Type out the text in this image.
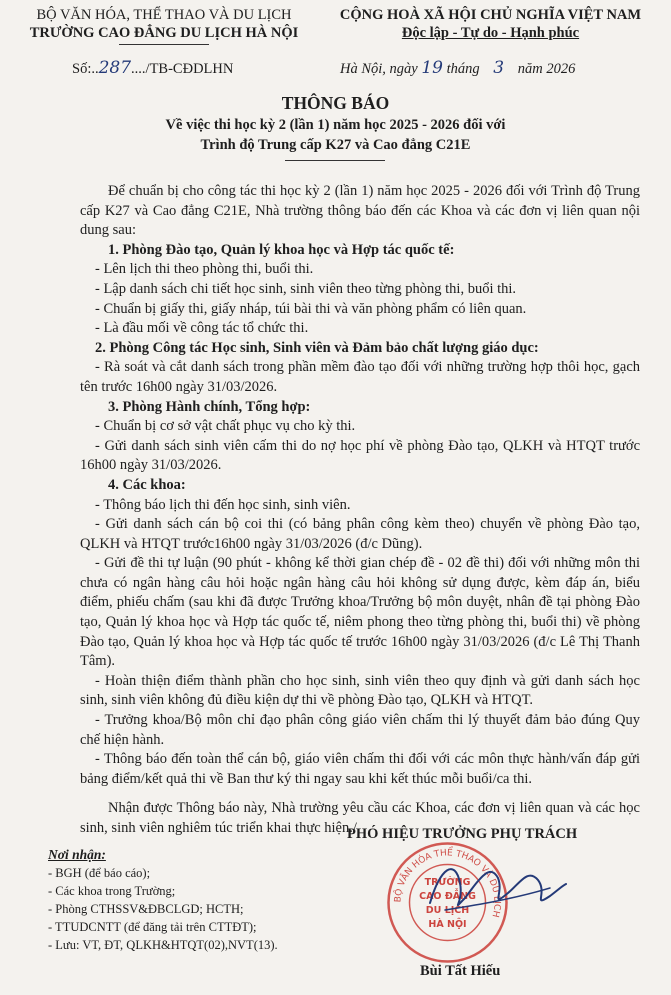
BỘ VĂN HÓA, THỂ THAO VÀ DU LỊCH
TRƯỜNG CAO ĐẲNG DU LỊCH HÀ NỘI
CỘNG HOÀ XÃ HỘI CHỦ NGHĨA VIỆT NAM
Độc lập - Tự do - Hạnh phúc
Số:..287..../TB-CĐDLHN	Hà Nội, ngày 19 tháng 3 năm 2026
THÔNG BÁO
Về việc thi học kỳ 2 (lần 1) năm học 2025 - 2026 đối với
Trình độ Trung cấp K27 và Cao đẳng C21E

Để chuẩn bị cho công tác thi học kỳ 2 (lần 1) năm học 2025 - 2026 đối với Trình độ Trung cấp K27 và Cao đẳng C21E, Nhà trường thông báo đến các Khoa và các đơn vị liên quan nội dung sau:

1. Phòng Đào tạo, Quản lý khoa học và Hợp tác quốc tế:

- Lên lịch thi theo phòng thi, buổi thi.

- Lập danh sách chi tiết học sinh, sinh viên theo từng phòng thi, buổi thi.

- Chuẩn bị giấy thi, giấy nháp, túi bài thi và văn phòng phẩm có liên quan.

- Là đầu mối về công tác tổ chức thi.

2. Phòng Công tác Học sinh, Sinh viên và Đảm bảo chất lượng giáo dục:

- Rà soát và cắt danh sách trong phần mềm đào tạo đối với những trường hợp thôi học, gạch tên trước 16h00 ngày 31/03/2026.

3. Phòng Hành chính, Tổng hợp:

- Chuẩn bị cơ sở vật chất phục vụ cho kỳ thi.

- Gửi danh sách sinh viên cấm thi do nợ học phí về phòng Đào tạo, QLKH và HTQT trước 16h00 ngày 31/03/2026.

4. Các khoa:

- Thông báo lịch thi đến học sinh, sinh viên.

- Gửi danh sách cán bộ coi thi (có bảng phân công kèm theo) chuyển về phòng Đào tạo, QLKH và HTQT trước16h00 ngày 31/03/2026 (đ/c Dũng).

- Gửi đề thi tự luận (90 phút - không kể thời gian chép đề - 02 đề thi) đối với những môn thi chưa có ngân hàng câu hỏi hoặc ngân hàng câu hỏi không sử dụng được, kèm đáp án, biểu điểm, phiếu chấm (sau khi đã được Trưởng khoa/Trưởng bộ môn duyệt, nhân đề tại phòng Đào tạo, Quản lý khoa học và Hợp tác quốc tế, niêm phong theo từng phòng thi, buổi thi) về phòng Đào tạo, Quản lý khoa học và Hợp tác quốc tế trước 16h00 ngày 31/03/2026 (đ/c Lê Thị Thanh Tâm).

- Hoàn thiện điểm thành phần cho học sinh, sinh viên theo quy định và gửi danh sách học sinh, sinh viên không đủ điều kiện dự thi về phòng Đào tạo, QLKH và HTQT.

- Trưởng khoa/Bộ môn chỉ đạo phân công giáo viên chấm thi lý thuyết đảm bảo đúng Quy chế hiện hành.

- Thông báo đến toàn thể cán bộ, giáo viên chấm thi đối với các môn thực hành/vấn đáp gửi bảng điểm/kết quả thi về Ban thư ký thi ngay sau khi kết thúc mỗi buổi/ca thi.

Nhận được Thông báo này, Nhà trường yêu cầu các Khoa, các đơn vị liên quan và các học sinh, sinh viên nghiêm túc triển khai thực hiện./.

PHÓ HIỆU TRƯỞNG PHỤ TRÁCH
BỘ VĂN HÓA THỂ THAO VÀ DU LỊCH
TRƯỜNG
CAO ĐẲNG
DU LỊCH
HÀ NỘI
Bùi Tất Hiếu
Nơi nhận:
- BGH (để báo cáo);
- Các khoa trong Trường;
- Phòng CTHSSV&ĐBCLGD; HCTH;
- TTUDCNTT (để đăng tải trên CTTĐT);
- Lưu: VT, ĐT, QLKH&HTQT(02),NVT(13).
